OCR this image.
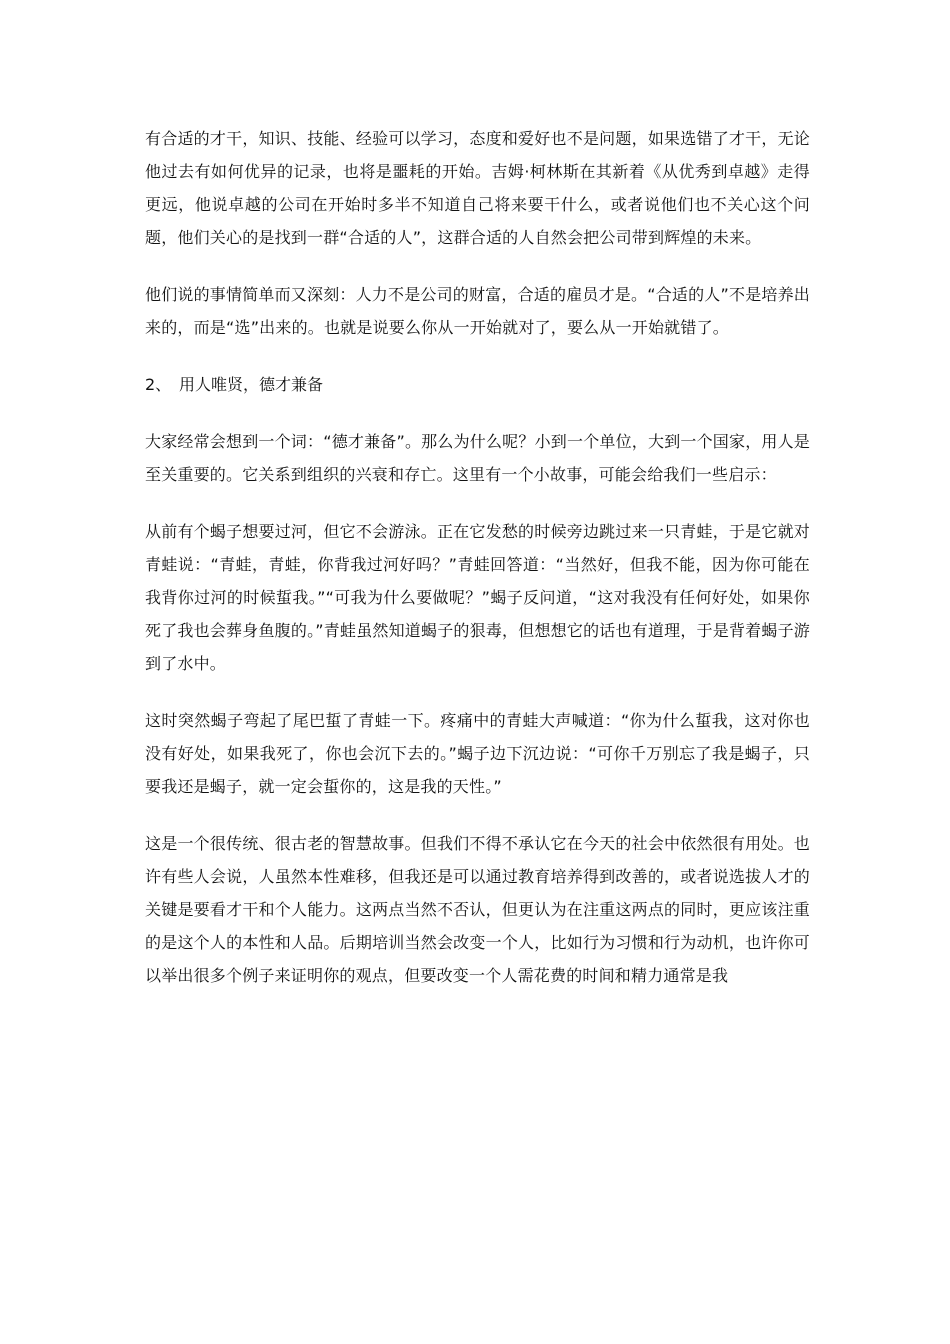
有合适的才干，知识、技能、经验可以学习，态度和爱好也不是问题，如果选错了才干，无论他过去有如何优异的记录，也将是噩耗的开始。吉姆·柯林斯在其新着《从优秀到卓越》走得更远，他说卓越的公司在开始时多半不知道自己将来要干什么，或者说他们也不关心这个问题，他们关心的是找到一群“合适的人”，这群合适的人自然会把公司带到辉煌的未来。

他们说的事情简单而又深刻：人力不是公司的财富，合适的雇员才是。“合适的人”不是培养出来的，而是“选”出来的。也就是说要么你从一开始就对了，要么从一开始就错了。

2、 用人唯贤，德才兼备

大家经常会想到一个词：“德才兼备”。那么为什么呢？小到一个单位，大到一个国家，用人是至关重要的。它关系到组织的兴衰和存亡。这里有一个小故事，可能会给我们一些启示：

从前有个蝎子想要过河，但它不会游泳。正在它发愁的时候旁边跳过来一只青蛙，于是它就对青蛙说：“青蛙，青蛙，你背我过河好吗？”青蛙回答道：“当然好，但我不能，因为你可能在我背你过河的时候蜇我。”“可我为什么要做呢？”蝎子反问道，“这对我没有任何好处，如果你死了我也会葬身鱼腹的。”青蛙虽然知道蝎子的狠毒，但想想它的话也有道理，于是背着蝎子游到了水中。

这时突然蝎子弯起了尾巴蜇了青蛙一下。疼痛中的青蛙大声喊道：“你为什么蜇我，这对你也没有好处，如果我死了，你也会沉下去的。”蝎子边下沉边说：“可你千万别忘了我是蝎子，只要我还是蝎子，就一定会蜇你的，这是我的天性。”

这是一个很传统、很古老的智慧故事。但我们不得不承认它在今天的社会中依然很有用处。也许有些人会说，人虽然本性难移，但我还是可以通过教育培养得到改善的，或者说选拔人才的关键是要看才干和个人能力。这两点当然不否认，但更认为在注重这两点的同时，更应该注重的是这个人的本性和人品。后期培训当然会改变一个人，比如行为习惯和行为动机，也许你可以举出很多个例子来证明你的观点，但要改变一个人需花费的时间和精力通常是我
